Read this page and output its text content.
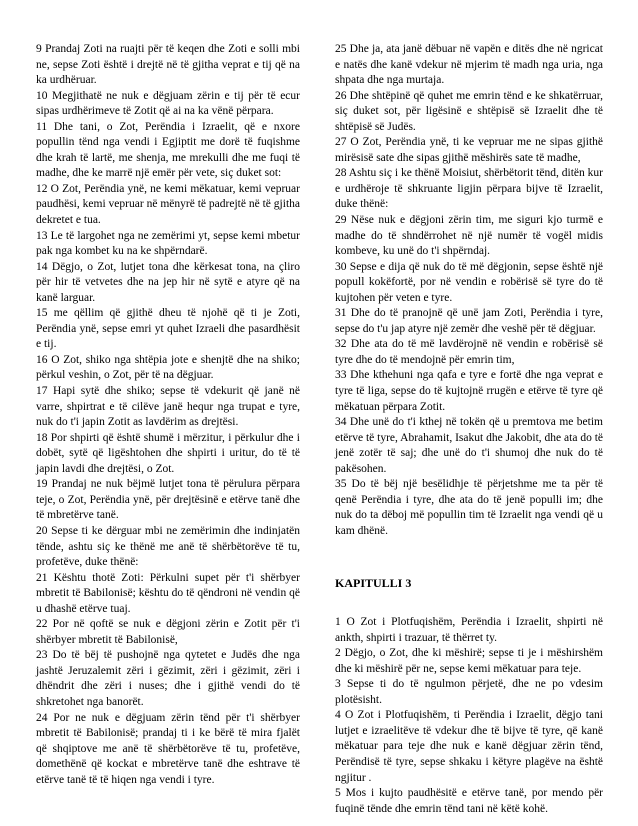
9 Prandaj Zoti na ruajti për të keqen dhe Zoti e solli mbi ne, sepse Zoti është i drejtë në të gjitha veprat e tij që na ka urdhëruar.

10 Megjithatë ne nuk e dëgjuam zërin e tij për të ecur sipas urdhërimeve të Zotit që ai na ka vënë përpara.

11 Dhe tani, o Zot, Perëndia i Izraelit, që e nxore popullin tënd nga vendi i Egjiptit me dorë të fuqishme dhe krah të lartë, me shenja, me mrekulli dhe me fuqi të madhe, dhe ke marrë një emër për vete, siç duket sot:

12 O Zot, Perëndia ynë, ne kemi mëkatuar, kemi vepruar paudhësi, kemi vepruar në mënyrë të padrejtë në të gjitha dekretet e tua.

13 Le të largohet nga ne zemërimi yt, sepse kemi mbetur pak nga kombet ku na ke shpërndarë.

14 Dëgjo, o Zot, lutjet tona dhe kërkesat tona, na çliro për hir të vetvetes dhe na jep hir në sytë e atyre që na kanë larguar.

15 me qëllim që gjithë dheu të njohë që ti je Zoti, Perëndia ynë, sepse emri yt quhet Izraeli dhe pasardhësit e tij.

16 O Zot, shiko nga shtëpia jote e shenjtë dhe na shiko; përkul veshin, o Zot, për të na dëgjuar.

17 Hapi sytë dhe shiko; sepse të vdekurit që janë në varre, shpirtrat e të cilëve janë hequr nga trupat e tyre, nuk do t'i japin Zotit as lavdërim as drejtësi.

18 Por shpirti që është shumë i mërzitur, i përkulur dhe i dobët, sytë që ligështohen dhe shpirti i uritur, do të të japin lavdi dhe drejtësi, o Zot.

19 Prandaj ne nuk bëjmë lutjet tona të përulura përpara teje, o Zot, Perëndia ynë, për drejtësinë e etërve tanë dhe të mbretërve tanë.

20 Sepse ti ke dërguar mbi ne zemërimin dhe indinjatën tënde, ashtu siç ke thënë me anë të shërbëtorëve të tu, profetëve, duke thënë:

21 Kështu thotë Zoti: Përkulni supet për t'i shërbyer mbretit të Babilonisë; kështu do të qëndroni në vendin që u dhashë etërve tuaj.

22 Por në qoftë se nuk e dëgjoni zërin e Zotit për t'i shërbyer mbretit të Babilonisë,

23 Do të bëj të pushojnë nga qytetet e Judës dhe nga jashtë Jeruzalemit zëri i gëzimit, zëri i gëzimit, zëri i dhëndrit dhe zëri i nuses; dhe i gjithë vendi do të shkretohet nga banorët.

24 Por ne nuk e dëgjuam zërin tënd për t'i shërbyer mbretit të Babilonisë; prandaj ti i ke bërë të mira fjalët që shqiptove me anë të shërbëtorëve të tu, profetëve, domethënë që kockat e mbretërve tanë dhe eshtrave të etërve tanë të të hiqen nga vendi i tyre.

25 Dhe ja, ata janë dëbuar në vapën e ditës dhe në ngricat e natës dhe kanë vdekur në mjerim të madh nga uria, nga shpata dhe nga murtaja.

26 Dhe shtëpinë që quhet me emrin tënd e ke shkatërruar, siç duket sot, për ligësinë e shtëpisë së Izraelit dhe të shtëpisë së Judës.

27 O Zot, Perëndia ynë, ti ke vepruar me ne sipas gjithë mirësisë sate dhe sipas gjithë mëshirës sate të madhe,

28 Ashtu siç i ke thënë Moisiut, shërbëtorit tënd, ditën kur e urdhëroje të shkruante ligjin përpara bijve të Izraelit, duke thënë:

29 Nëse nuk e dëgjoni zërin tim, me siguri kjo turmë e madhe do të shndërrohet në një numër të vogël midis kombeve, ku unë do t'i shpërndaj.

30 Sepse e dija që nuk do të më dëgjonin, sepse është një popull kokëfortë, por në vendin e robërisë së tyre do të kujtohen për veten e tyre.

31 Dhe do të pranojnë që unë jam Zoti, Perëndia i tyre, sepse do t'u jap atyre një zemër dhe veshë për të dëgjuar.

32 Dhe ata do të më lavdërojnë në vendin e robërisë së tyre dhe do të mendojnë për emrin tim,

33 Dhe kthehuni nga qafa e tyre e fortë dhe nga veprat e tyre të liga, sepse do të kujtojnë rrugën e etërve të tyre që mëkatuan përpara Zotit.

34 Dhe unë do t'i kthej në tokën që u premtova me betim etërve të tyre, Abrahamit, Isakut dhe Jakobit, dhe ata do të jenë zotër të saj; dhe unë do t'i shumoj dhe nuk do të pakësohen.

35 Do të bëj një besëlidhje të përjetshme me ta për të qenë Perëndia i tyre, dhe ata do të jenë populli im; dhe nuk do ta dëboj më popullin tim të Izraelit nga vendi që u kam dhënë.

KAPITULLI 3

1 O Zot i Plotfuqishëm, Perëndia i Izraelit, shpirti në ankth, shpirti i trazuar, të thërret ty.

2 Dëgjo, o Zot, dhe ki mëshirë; sepse ti je i mëshirshëm dhe ki mëshirë për ne, sepse kemi mëkatuar para teje.

3 Sepse ti do të ngulmon përjetë, dhe ne po vdesim plotësisht.

4 O Zot i Plotfuqishëm, ti Perëndia i Izraelit, dëgjo tani lutjet e izraelitëve të vdekur dhe të bijve të tyre, që kanë mëkatuar para teje dhe nuk e kanë dëgjuar zërin tënd, Perëndisë të tyre, sepse shkaku i këtyre plagëve na është ngjitur .

5 Mos i kujto paudhësitë e etërve tanë, por mendo për fuqinë tënde dhe emrin tënd tani në këtë kohë.
